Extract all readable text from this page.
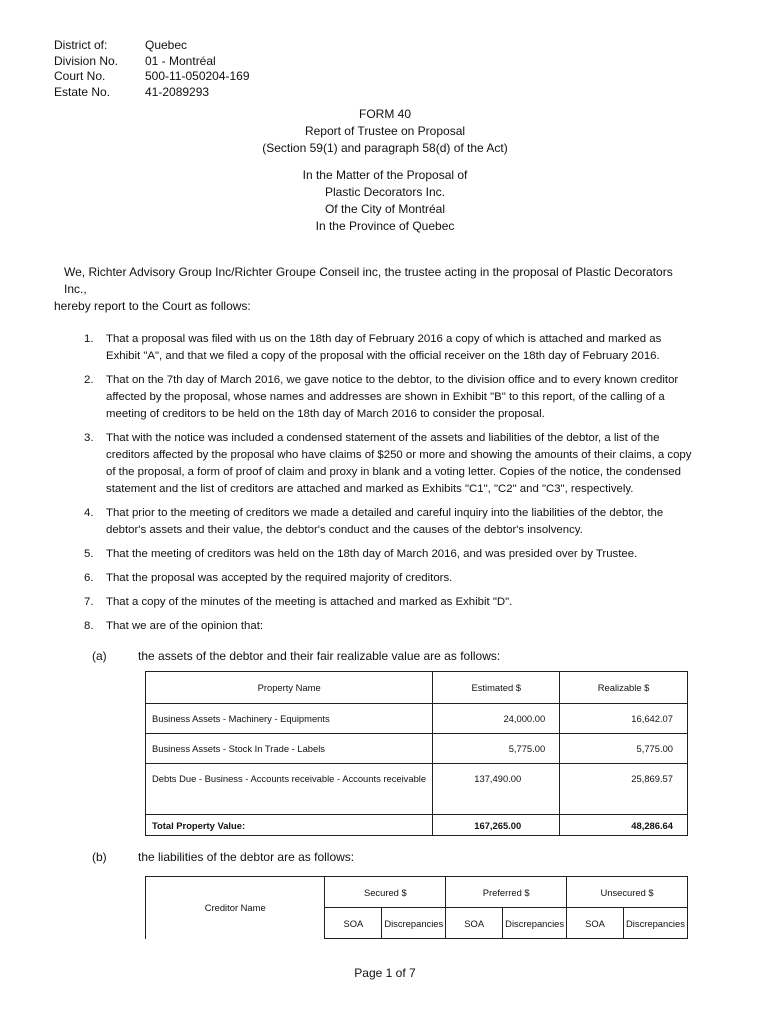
District of:	Quebec
Division No.	01 - Montréal
Court No.	500-11-050204-169
Estate No.	41-2089293
FORM 40
Report of Trustee on Proposal
(Section 59(1) and paragraph 58(d) of the Act)
In the Matter of the Proposal of
Plastic Decorators Inc.
Of the City of Montréal
In the Province of Quebec
We, Richter Advisory Group Inc/Richter Groupe Conseil inc, the trustee acting in the proposal of Plastic Decorators Inc.,
hereby report to the Court as follows:
1.	That a proposal was filed with us on the 18th day of February 2016 a copy of which is attached and marked as Exhibit "A", and that we filed a copy of the proposal with the official receiver on the 18th day of February 2016.
2.	That on the 7th day of March 2016, we gave notice to the debtor, to the division office and to every known creditor affected by the proposal, whose names and addresses are shown in Exhibit "B" to this report, of the calling of a meeting of creditors to be held on the 18th day of March 2016 to consider the proposal.
3.	That with the notice was included a condensed statement of the assets and liabilities of the debtor, a list of the creditors affected by the proposal who have claims of $250 or more and showing the amounts of their claims, a copy of the proposal, a form of proof of claim and proxy in blank and a voting letter. Copies of the notice, the condensed statement and the list of creditors are attached and marked as Exhibits "C1", "C2" and "C3", respectively.
4.	That prior to the meeting of creditors we made a detailed and careful inquiry into the liabilities of the debtor, the debtor's assets and their value, the debtor's conduct and the causes of the debtor's insolvency.
5.	That the meeting of creditors was held on the 18th day of March 2016, and was presided over by Trustee.
6.	That the proposal was accepted by the required majority of creditors.
7.	That a copy of the minutes of the meeting is attached and marked as Exhibit "D".
8.	That we are of the opinion that:
(a)	the assets of the debtor and their fair realizable value are as follows:
Property Name	Estimated $	Realizable $
Business Assets - Machinery - Equipments	24,000.00	16,642.07
Business Assets - Stock In Trade - Labels	5,775.00	5,775.00
Debts Due - Business - Accounts receivable - Accounts receivable	137,490.00	25,869.57
Total Property Value:	167,265.00	48,286.64
(b)	the liabilities of the debtor are as follows:
Creditor Name	Secured $		Preferred $		Unsecured $	
	SOA	Discrepancies	SOA	Discrepancies	SOA	Discrepancies
Page 1 of 7
